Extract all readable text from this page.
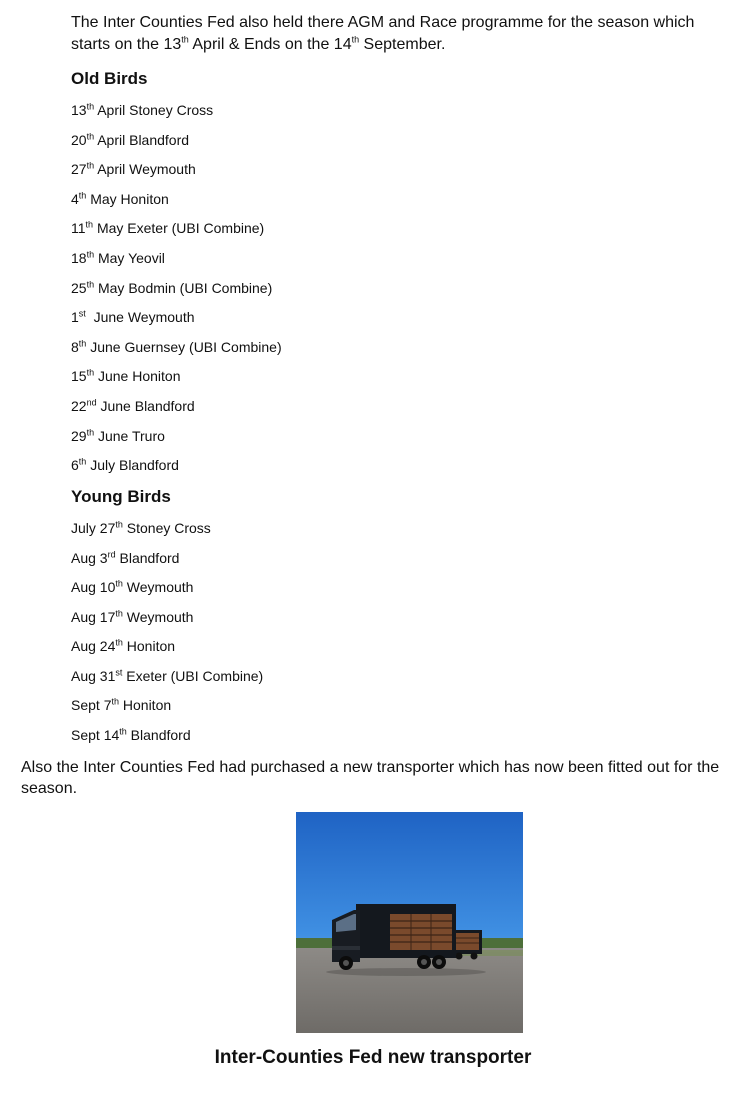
The Inter Counties Fed also held there AGM and Race programme for the season which starts on the 13th April & Ends on the 14th September.

Old Birds

13th April Stoney Cross

20th April Blandford

27th April Weymouth

4th May Honiton

11th May Exeter (UBI Combine)

18th May Yeovil

25th May Bodmin (UBI Combine)

1st  June Weymouth

8th June Guernsey (UBI Combine)

15th June Honiton

22nd June Blandford

29th June Truro

6th July Blandford

Young Birds

July 27th Stoney Cross

Aug 3rd Blandford

Aug 10th Weymouth

Aug 17th Weymouth

Aug 24th Honiton

Aug 31st Exeter (UBI Combine)

Sept 7th Honiton

Sept 14th Blandford

Also the Inter Counties Fed had purchased a new transporter which has now been fitted out for the season.

Inter-Counties Fed new transporter
